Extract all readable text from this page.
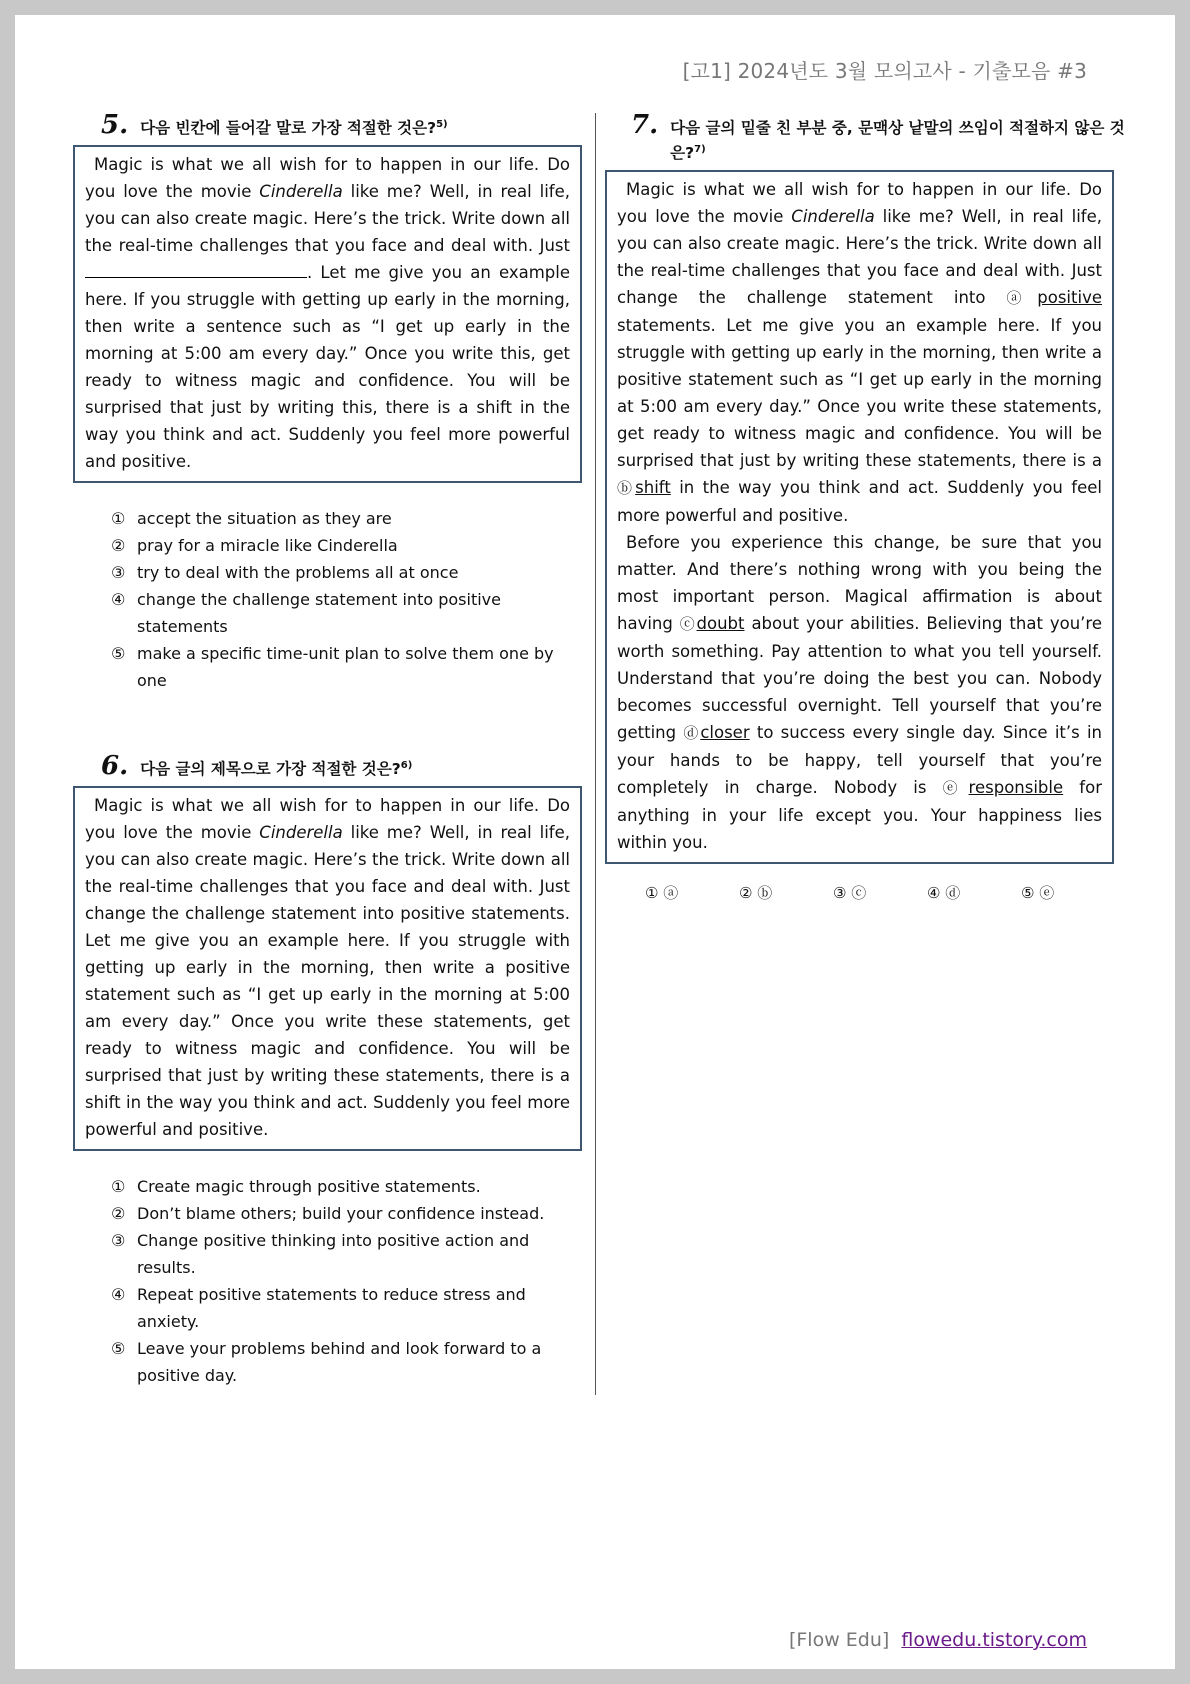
[고1] 2024년도 3월 모의고사 - 기출모음 #3
5. 다음 빈칸에 들어갈 말로 가장 적절한 것은?$^{5)}$

Magic is what we all wish for to happen in our life. Do you love the movie Cinderella like me? Well, in real life, you can also create magic. Here’s the trick. Write down all the real-time challenges that you face and deal with. Just . Let me give you an example here. If you struggle with getting up early in the morning, then write a sentence such as “I get up early in the morning at 5:00 am every day.” Once you write this, get ready to witness magic and confidence. You will be surprised that just by writing this, there is a shift in the way you think and act. Suddenly you feel more powerful and positive.

① accept the situation as they are
② pray for a miracle like Cinderella
③ try to deal with the problems all at once
④ change the challenge statement into positive statements
⑤ make a specific time-unit plan to solve them one by one
6. 다음 글의 제목으로 가장 적절한 것은?$^{6)}$

Magic is what we all wish for to happen in our life. Do you love the movie Cinderella like me? Well, in real life, you can also create magic. Here’s the trick. Write down all the real-time challenges that you face and deal with. Just change the challenge statement into positive statements. Let me give you an example here. If you struggle with getting up early in the morning, then write a positive statement such as “I get up early in the morning at 5:00 am every day.” Once you write these statements, get ready to witness magic and confidence. You will be surprised that just by writing these statements, there is a shift in the way you think and act. Suddenly you feel more powerful and positive.

① Create magic through positive statements.
② Don’t blame others; build your confidence instead.
③ Change positive thinking into positive action and results.
④ Repeat positive statements to reduce stress and anxiety.
⑤ Leave your problems behind and look forward to a positive day.
7. 다음 글의 밑줄 친 부분 중, 문맥상 낱말의 쓰임이 적절하지 않은 것은?$^{7)}$

Magic is what we all wish for to happen in our life. Do you love the movie Cinderella like me? Well, in real life, you can also create magic. Here’s the trick. Write down all the real-time challenges that you face and deal with. Just change the challenge statement into ⓐpositive statements. Let me give you an example here. If you struggle with getting up early in the morning, then write a positive statement such as “I get up early in the morning at 5:00 am every day.” Once you write these statements, get ready to witness magic and confidence. You will be surprised that just by writing these statements, there is a ⓑshift in the way you think and act. Suddenly you feel more powerful and positive.

Before you experience this change, be sure that you matter. And there’s nothing wrong with you being the most important person. Magical affirmation is about having ⓒdoubt about your abilities. Believing that you’re worth something. Pay attention to what you tell yourself. Understand that you’re doing the best you can. Nobody becomes successful overnight. Tell yourself that you’re getting ⓓcloser to success every single day. Since it’s in your hands to be happy, tell yourself that you’re completely in charge. Nobody is ⓔresponsible for anything in your life except you. Your happiness lies within you.

① ⓐ	② ⓑ	③ ⓒ	④ ⓓ	⑤ ⓔ
[Flow Edu] flowedu.tistory.com
